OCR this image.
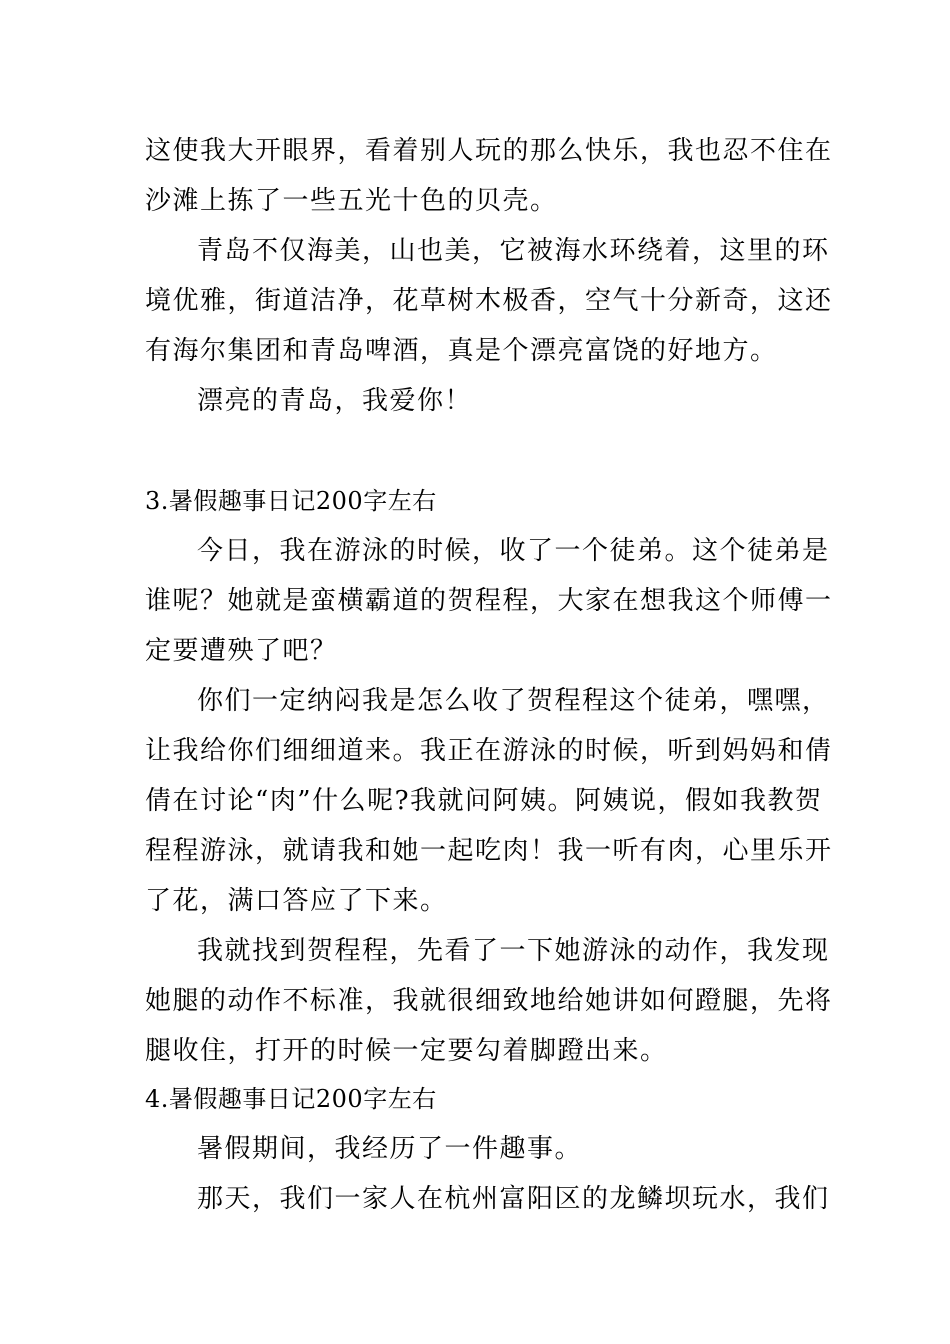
这使我大开眼界，看着别人玩的那么快乐，我也忍不住在
沙滩上拣了一些五光十色的贝壳。
青岛不仅海美，山也美，它被海水环绕着，这里的环
境优雅，街道洁净，花草树木极香，空气十分新奇，这还
有海尔集团和青岛啤酒，真是个漂亮富饶的好地方。
漂亮的青岛，我爱你！
3.暑假趣事日记200字左右
今日，我在游泳的时候，收了一个徒弟。这个徒弟是
谁呢？她就是蛮横霸道的贺程程，大家在想我这个师傅一
定要遭殃了吧？
你们一定纳闷我是怎么收了贺程程这个徒弟，嘿嘿，
让我给你们细细道来。我正在游泳的时候，听到妈妈和倩
倩在讨论“肉”什么呢?我就问阿姨。阿姨说，假如我教贺
程程游泳，就请我和她一起吃肉！我一听有肉，心里乐开
了花，满口答应了下来。
我就找到贺程程，先看了一下她游泳的动作，我发现
她腿的动作不标准，我就很细致地给她讲如何蹬腿，先将
腿收住，打开的时候一定要勾着脚蹬出来。
4.暑假趣事日记200字左右
暑假期间，我经历了一件趣事。
那天，我们一家人在杭州富阳区的龙鳞坝玩水，我们
